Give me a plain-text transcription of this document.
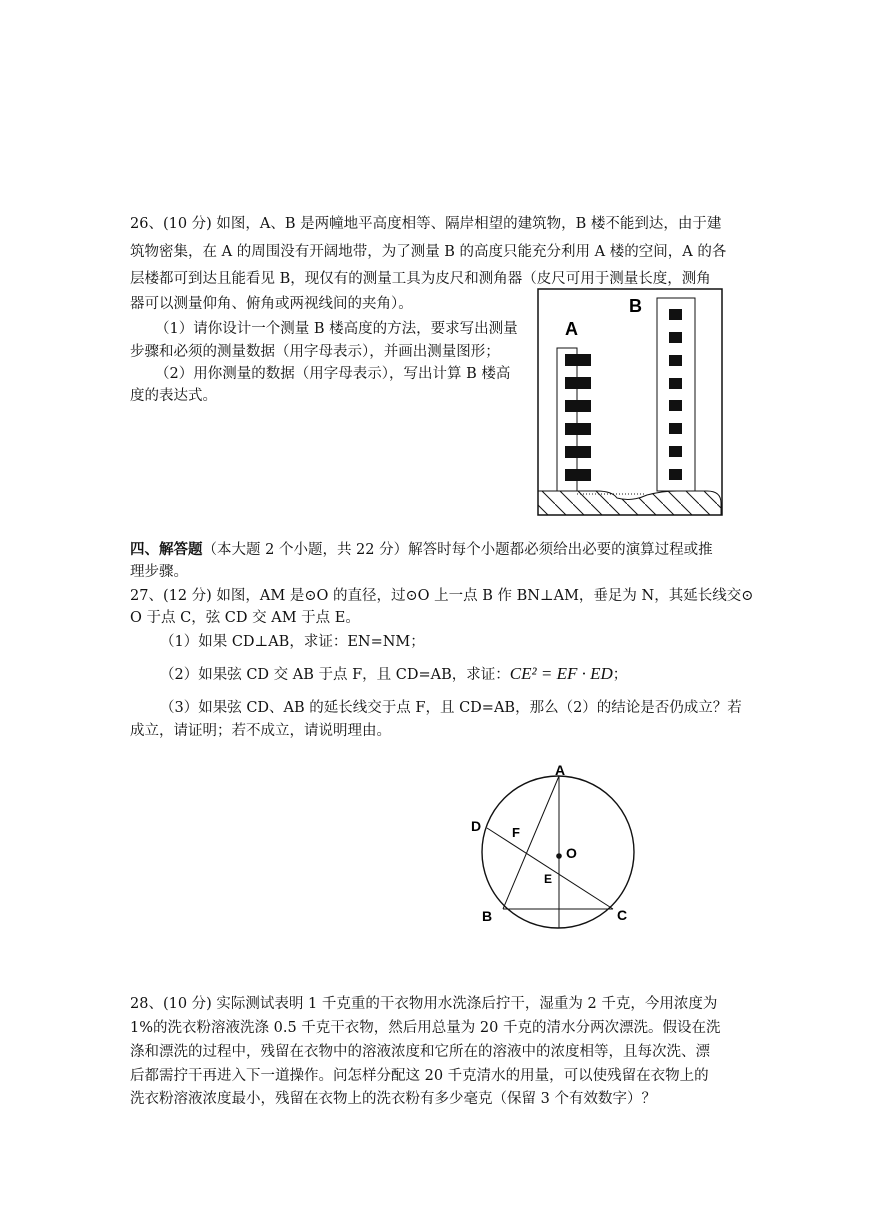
26、(10 分) 如图，A、B 是两幢地平高度相等、隔岸相望的建筑物，B 楼不能到达，由于建
筑物密集，在 A 的周围没有开阔地带，为了测量 B 的高度只能充分利用 A 楼的空间，A 的各
层楼都可到达且能看见 B，现仅有的测量工具为皮尺和测角器（皮尺可用于测量长度，测角
器可以测量仰角、俯角或两视线间的夹角）。
（1）请你设计一个测量 B 楼高度的方法，要求写出测量
步骤和必须的测量数据（用字母表示），并画出测量图形；
（2）用你测量的数据（用字母表示），写出计算 B 楼高
度的表达式。
A
B
四、解答题（本大题 2 个小题，共 22 分）解答时每个小题都必须给出必要的演算过程或推
理步骤。
27、(12 分) 如图，AM 是⊙O 的直径，过⊙O 上一点 B 作 BN⊥AM，垂足为 N，其延长线交⊙
O 于点 C，弦 CD 交 AM 于点 E。
（1）如果 CD⊥AB，求证：EN=NM；
（2）如果弦 CD 交 AB 于点 F，且 CD=AB，求证：CE² = EF · ED；
（3）如果弦 CD、AB 的延长线交于点 F，且 CD=AB，那么（2）的结论是否仍成立？若
成立，请证明；若不成立，请说明理由。
A
D F
O
E
B	C
28、(10 分) 实际测试表明 1 千克重的干衣物用水洗涤后拧干，湿重为 2 千克，今用浓度为
1%的洗衣粉溶液洗涤 0.5 千克干衣物，然后用总量为 20 千克的清水分两次漂洗。假设在洗
涤和漂洗的过程中，残留在衣物中的溶液浓度和它所在的溶液中的浓度相等，且每次洗、漂
后都需拧干再进入下一道操作。问怎样分配这 20 千克清水的用量，可以使残留在衣物上的
洗衣粉溶液浓度最小，残留在衣物上的洗衣粉有多少毫克（保留 3 个有效数字）？
